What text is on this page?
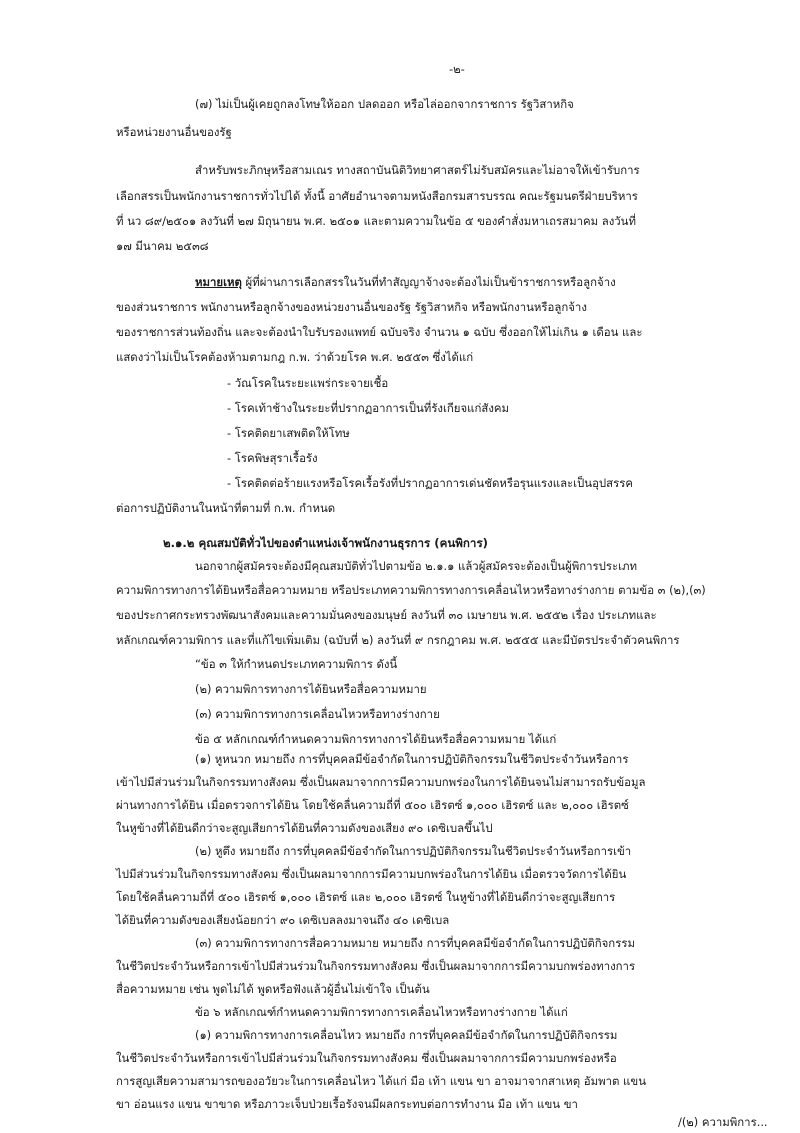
-๒-
(๗) ไม่เป็นผู้เคยถูกลงโทษให้ออก ปลดออก หรือไล่ออกจากราชการ รัฐวิสาหกิจ
หรือหน่วยงานอื่นของรัฐ
สำหรับพระภิกษุหรือสามเณร ทางสถาบันนิติวิทยาศาสตร์ไม่รับสมัครและไม่อาจให้เข้ารับการ
เลือกสรรเป็นพนักงานราชการทั่วไปได้ ทั้งนี้ อาศัยอำนาจตามหนังสือกรมสารบรรณ คณะรัฐมนตรีฝ่ายบริหาร
ที่ นว ๘๙/๒๕๐๑ ลงวันที่ ๒๗ มิถุนายน พ.ศ. ๒๕๐๑ และตามความในข้อ ๕ ของคำสั่งมหาเถรสมาคม ลงวันที่
๑๗ มีนาคม ๒๕๓๘
หมายเหตุ ผู้ที่ผ่านการเลือกสรรในวันที่ทำสัญญาจ้างจะต้องไม่เป็นข้าราชการหรือลูกจ้าง
ของส่วนราชการ พนักงานหรือลูกจ้างของหน่วยงานอื่นของรัฐ รัฐวิสาหกิจ หรือพนักงานหรือลูกจ้าง
ของราชการส่วนท้องถิ่น และจะต้องนำใบรับรองแพทย์ ฉบับจริง จำนวน ๑ ฉบับ ซึ่งออกให้ไม่เกิน ๑ เดือน และ
แสดงว่าไม่เป็นโรคต้องห้ามตามกฎ ก.พ. ว่าด้วยโรค พ.ศ. ๒๕๕๓ ซึ่งได้แก่
- วัณโรคในระยะแพร่กระจายเชื้อ
- โรคเท้าช้างในระยะที่ปรากฏอาการเป็นที่รังเกียจแก่สังคม
- โรคติดยาเสพติดให้โทษ
- โรคพิษสุราเรื้อรัง
- โรคติดต่อร้ายแรงหรือโรคเรื้อรังที่ปรากฏอาการเด่นชัดหรือรุนแรงและเป็นอุปสรรค
ต่อการปฏิบัติงานในหน้าที่ตามที่ ก.พ. กำหนด
๒.๑.๒ คุณสมบัติทั่วไปของตำแหน่งเจ้าพนักงานธุรการ (คนพิการ)
นอกจากผู้สมัครจะต้องมีคุณสมบัติทั่วไปตามข้อ ๒.๑.๑ แล้วผู้สมัครจะต้องเป็นผู้พิการประเภท
ความพิการทางการได้ยินหรือสื่อความหมาย หรือประเภทความพิการทางการเคลื่อนไหวหรือทางร่างกาย ตามข้อ ๓ (๒),(๓)
ของประกาศกระทรวงพัฒนาสังคมและความมั่นคงของมนุษย์ ลงวันที่ ๓๐ เมษายน พ.ศ. ๒๕๕๒ เรื่อง ประเภทและ
หลักเกณฑ์ความพิการ และที่แก้ไขเพิ่มเติม (ฉบับที่ ๒) ลงวันที่ ๙ กรกฎาคม พ.ศ. ๒๕๕๕ และมีบัตรประจำตัวคนพิการ
“ข้อ ๓ ให้กำหนดประเภทความพิการ ดังนี้
(๒) ความพิการทางการได้ยินหรือสื่อความหมาย
(๓) ความพิการทางการเคลื่อนไหวหรือทางร่างกาย
ข้อ ๕ หลักเกณฑ์กำหนดความพิการทางการได้ยินหรือสื่อความหมาย ได้แก่
(๑) หูหนวก หมายถึง การที่บุคคลมีข้อจำกัดในการปฏิบัติกิจกรรมในชีวิตประจำวันหรือการ
เข้าไปมีส่วนร่วมในกิจกรรมทางสังคม ซึ่งเป็นผลมาจากการมีความบกพร่องในการได้ยินจนไม่สามารถรับข้อมูล
ผ่านทางการได้ยิน เมื่อตรวจการได้ยิน โดยใช้คลื่นความถี่ที่ ๕๐๐ เฮิรตซ์ ๑,๐๐๐ เฮิรตซ์ และ ๒,๐๐๐ เฮิรตซ์
ในหูข้างที่ได้ยินดีกว่าจะสูญเสียการได้ยินที่ความดังของเสียง ๙๐ เดซิเบลขึ้นไป
(๒) หูตึง หมายถึง การที่บุคคลมีข้อจำกัดในการปฏิบัติกิจกรรมในชีวิตประจำวันหรือการเข้า
ไปมีส่วนร่วมในกิจกรรมทางสังคม ซึ่งเป็นผลมาจากการมีความบกพร่องในการได้ยิน เมื่อตรวจวัดการได้ยิน
โดยใช้คลื่นความถี่ที่ ๕๐๐ เฮิรตซ์ ๑,๐๐๐ เฮิรตซ์ และ ๒,๐๐๐ เฮิรตซ์ ในหูข้างที่ได้ยินดีกว่าจะสูญเสียการ
ได้ยินที่ความดังของเสียงน้อยกว่า ๙๐ เดซิเบลลงมาจนถึง ๔๐ เดซิเบล
(๓) ความพิการทางการสื่อความหมาย หมายถึง การที่บุคคลมีข้อจำกัดในการปฏิบัติกิจกรรม
ในชีวิตประจำวันหรือการเข้าไปมีส่วนร่วมในกิจกรรมทางสังคม ซึ่งเป็นผลมาจากการมีความบกพร่องทางการ
สื่อความหมาย เช่น พูดไม่ได้ พูดหรือฟังแล้วผู้อื่นไม่เข้าใจ เป็นต้น
ข้อ ๖ หลักเกณฑ์กำหนดความพิการทางการเคลื่อนไหวหรือทางร่างกาย ได้แก่
(๑) ความพิการทางการเคลื่อนไหว หมายถึง การที่บุคคลมีข้อจำกัดในการปฏิบัติกิจกรรม
/(๒) ความพิการ...
ในชีวิตประจำวันหรือการเข้าไปมีส่วนร่วมในกิจกรรมทางสังคม ซึ่งเป็นผลมาจากการมีความบกพร่องหรือ
การสูญเสียความสามารถของอวัยวะในการเคลื่อนไหว ได้แก่ มือ เท้า แขน ขา อาจมาจากสาเหตุ อัมพาต แขน
ขา อ่อนแรง แขน ขาขาด หรือภาวะเจ็บป่วยเรื้อรังจนมีผลกระทบต่อการทำงาน มือ เท้า แขน ขา
